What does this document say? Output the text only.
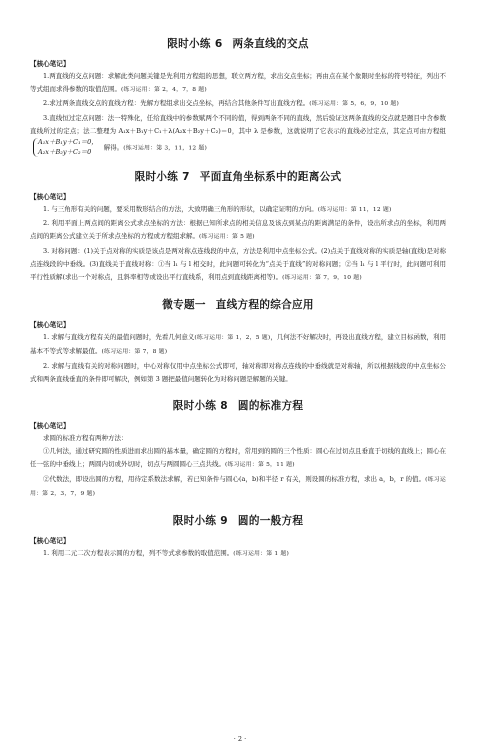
限时小练 6 两条直线的交点
【核心笔记】

1.两直线的交点问题：求解此类问题关键是先利用方程组的思想，联立两方程，求出交点坐标；再由点在某个象限时坐标的符号特征，列出不等式组而求得参数的取值范围。(练习运用：第 2，4，7，8 题)

2.求过两条直线交点的直线方程：先解方程组求出交点坐标，再结合其他条件写出直线方程。(练习运用：第 5，6，9，10 题)

3.直线恒过定点问题：法一特殊化，任给直线中的参数赋两个不同的值，得到两条不同的直线，然后验证这两条直线的交点就是题目中含参数直线所过的定点；法二整理为 A₁x＋B₁y＋C₁＋λ(A₂x＋B₂y＋C₂)＝0，其中 λ 是参数，这就说明了它表示的直线必过定点，其定点可由方程组A₁x＋B₁y＋C₁＝0，
A₂x＋B₂y＋C₂＝0 解得。(练习运用：第 3，11，12 题)

限时小练 7 平面直角坐标系中的距离公式
【核心笔记】

1. 与三角形有关的问题，要采用数形结合的方法，大致明确三角形的形状，以确定证明的方向。(练习运用：第 11，12 题)

2. 利用平面上两点间的距离公式求点坐标的方法：根据已知所求点的相关信息及该点到某点的距离满足的条件，设出所求点的坐标，利用两点间的距离公式建立关于所求点坐标的方程或方程组求解。(练习运用：第 5 题)

3. 对称问题：(1)关于点对称的实质是该点是两对称点连线段的中点，方法是利用中点坐标公式。(2)点关于直线对称的实质是轴(直线)是对称点连线段的中垂线。(3)直线关于直线对称：①当 l₁ 与 l 相交时，此问题可转化为“点关于直线”的对称问题；②当 l₁ 与 l 平行时，此问题可利用平行性质解(求出一个对称点，且斜率相等或设出平行直线系，利用点到直线距离相等)。(练习运用：第 7，9，10 题)

微专题一 直线方程的综合应用
【核心笔记】

1. 求解与直线方程有关的最值问题时，先看几何意义(练习运用：第 1，2，5 题)，几何法不好解决时，再设出直线方程，建立目标函数，利用基本不等式等求解最值。(练习运用：第 7，8 题)

2. 求解与直线有关的对称问题时，中心对称仅用中点坐标公式即可，轴对称即对称点连线的中垂线就是对称轴，所以根据线段的中点坐标公式和两条直线垂直的条件即可解决，例如第 3 题把最值问题转化为对称问题是解题的关键。

限时小练 8 圆的标准方程
【核心笔记】

求圆的标准方程有两种方法：

①几何法，通过研究圆的性质进而求出圆的基本量，确定圆的方程时，常用到的圆的三个性质：圆心在过切点且垂直于切线的直线上；圆心在任一弦的中垂线上；两圆内切或外切时，切点与两圆圆心三点共线。(练习运用：第 5，11 题)

②代数法，即设出圆的方程，用待定系数法求解，若已知条件与圆心(a，b)和半径 r 有关，则设圆的标准方程，求出 a，b，r 的值。(练习运用：第 2，3，7，9 题)

限时小练 9 圆的一般方程
【核心笔记】

1. 利用二元二次方程表示圆的方程，列不等式求参数的取值范围。(练习运用：第 1 题)

· 2 ·
